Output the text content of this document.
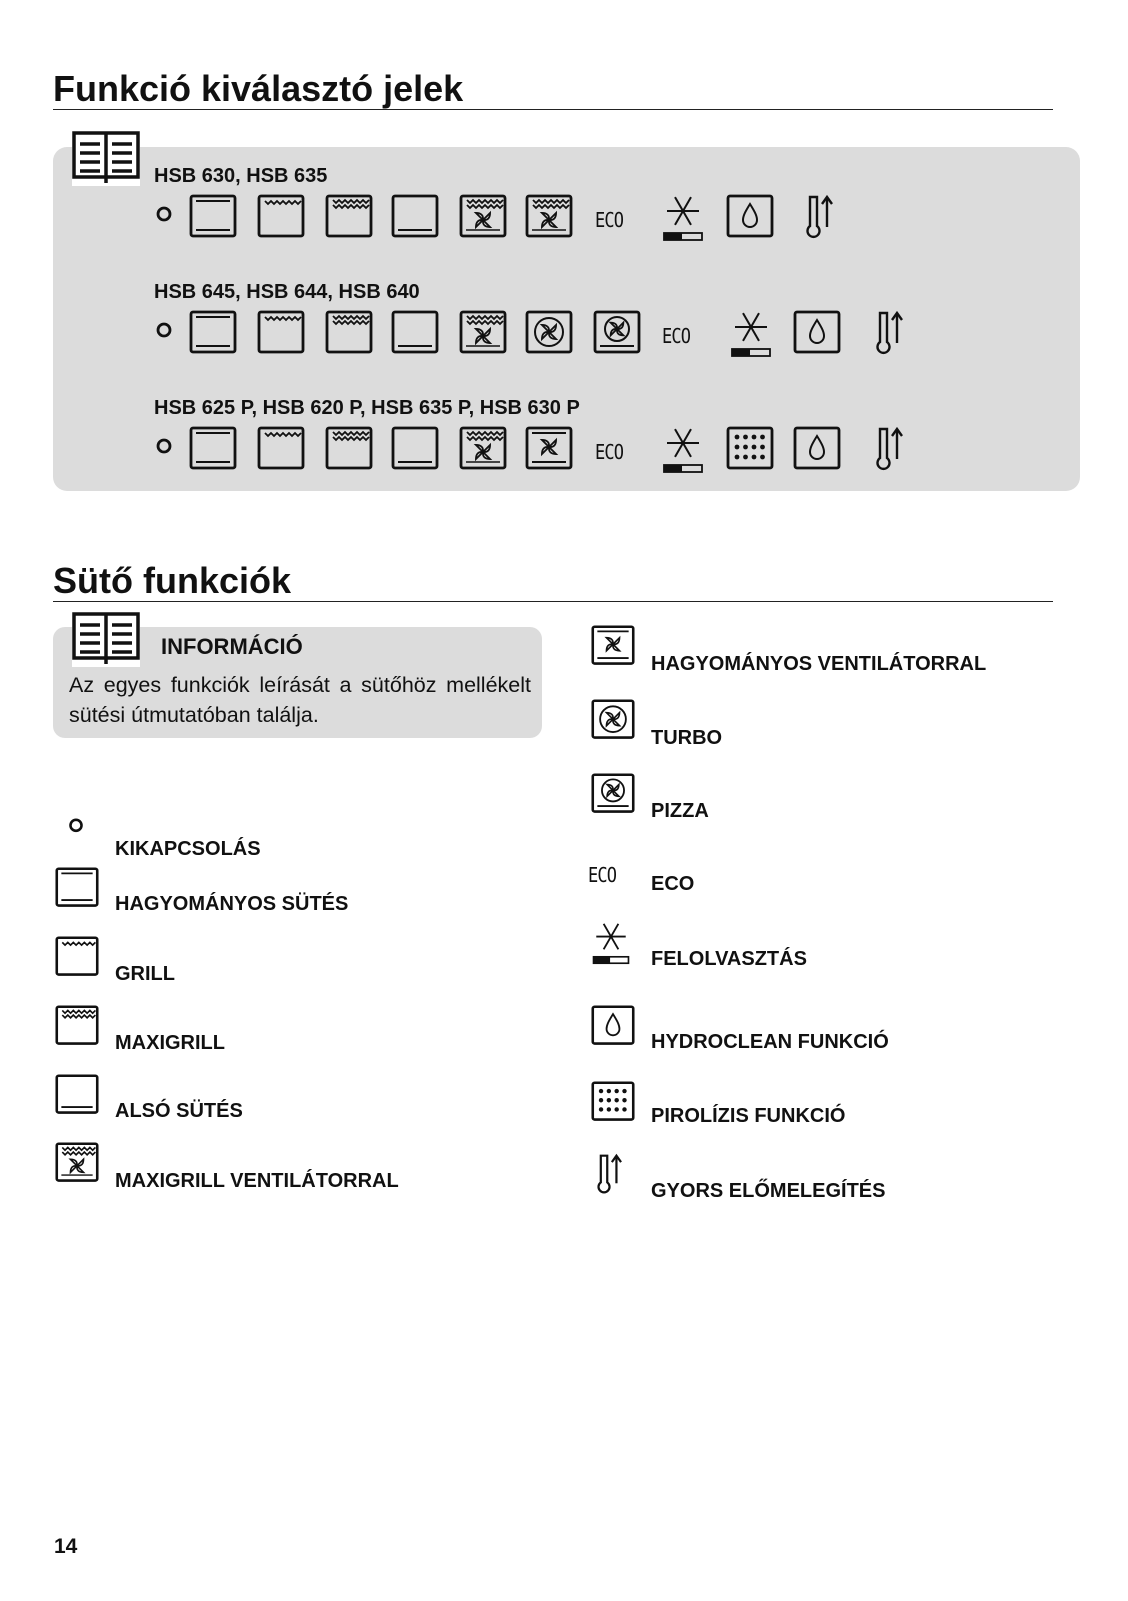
Funkció kiválasztó jelek
HSB 630, HSB 635
ECO
HSB 645, HSB 644, HSB 640
ECO
HSB 625 P, HSB 620 P, HSB 635 P, HSB 630 P
ECO
Sütő funkciók
INFORMÁCIÓ
Az egyes funkciók leírását a sütőhöz mellékelt sütési útmutatóban találja.
KIKAPCSOLÁS
HAGYOMÁNYOS SÜTÉS
GRILL
MAXIGRILL
ALSÓ SÜTÉS
MAXIGRILL VENTILÁTORRAL
HAGYOMÁNYOS VENTILÁTORRAL
TURBO
PIZZA
ECO	ECO
FELOLVASZTÁS
HYDROCLEAN FUNKCIÓ
PIROLÍZIS FUNKCIÓ
GYORS ELŐMELEGÍTÉS
14
